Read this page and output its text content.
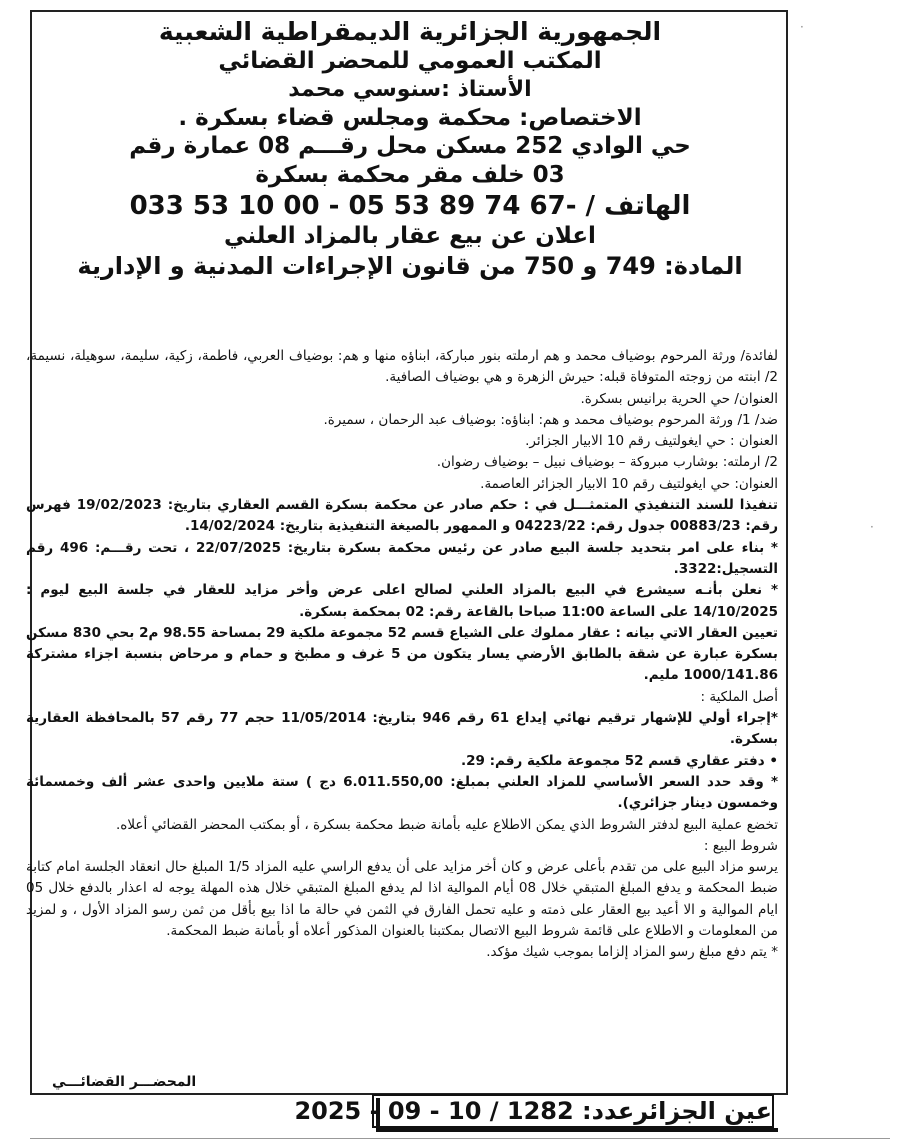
الجمهورية الجزائرية الديمقراطية الشعبية
المكتب العمومي للمحضر القضائي
الأستاذ :سنوسي محمد
الاختصاص: محكمة ومجلس قضاء بسكرة .
حي الوادي 252 مسكن محل رقـــم 08 عمارة رقم
03 خلف مقر محكمة بسكرة
الهاتف / -67 74 89 53 05 - 00 10 53 033
اعلان عن بيع عقار بالمزاد العلني
المادة: 749 و 750 من قانون الإجراءات المدنية و الإدارية

لفائدة/ ورثة المرحوم بوضياف محمد و هم ارملته بنور مباركة، ابناؤه منها و هم: بوضياف العربي، فاطمة، زكية، سليمة، سوهيلة، نسيمة، 2/ ابنته من زوجته المتوفاة قبله: حيرش الزهرة و هي بوضياف الصافية.

العنوان/ حي الحرية برانيس بسكرة.

ضد/ 1/ ورثة المرحوم بوضياف محمد و هم: ابناؤه: بوضياف عبد الرحمان ، سميرة.

العنوان : حي ايغولتيف رقم 10 الابيار الجزائر.

2/ ارملته: بوشارب مبروكة – بوضياف نبيل – بوضياف رضوان.

العنوان: حي ايغولتيف رقم 10 الابيار الجزائر العاصمة.

تنفيذا للسند التنفيذي المتمثـــل في : حكم صادر عن محكمة بسكرة القسم العقاري بتاريخ: 19/02/2023 فهرس رقم: 00883/23 جدول رقم: 04223/22 و الممهور بالصيغة التنفيذية بتاريخ: 14/02/2024.

* بناء على امر بتحديد جلسة البيع صادر عن رئيس محكمة بسكرة بتاريخ: 22/07/2025 ، تحت رقـــم: 496 رقم التسجيل:3322.

* نعلن بأنـه سيشرع في البيع بالمزاد العلني لصالح اعلى عرض وأخر مزايد للعقار في جلسة البيع ليوم : 14/10/2025 على الساعة 11:00 صباحا بالقاعة رقم: 02 بمحكمة بسكرة.

تعيين العقار الاتي بيانه : عقار مملوك على الشياع قسم 52 مجموعة ملكية 29 بمساحة 98.55 م2 بحي 830 مسكن بسكرة عبارة عن شقة بالطابق الأرضي يسار يتكون من 5 غرف و مطبخ و حمام و مرحاض بنسبة اجزاء مشتركة 1000/141.86 مليم.

أصل الملكية :

*إجراء أولي للإشهار ترقيم نهائي إيداع 61 رقم 946 بتاريخ: 11/05/2014 حجم 77 رقم 57 بالمحافظة العقارية بسكرة.

• دفتر عقاري قسم 52 مجموعة ملكية رقم: 29.

* وقد حدد السعر الأساسي للمزاد العلني بمبلغ: 6.011.550,00 دج ) ستة ملايين واحدى عشر ألف وخمسمائة وخمسون دينار جزائري).

تخضع عملية البيع لدفتر الشروط الذي يمكن الاطلاع عليه بأمانة ضبط محكمة بسكرة ، أو بمكتب المحضر القضائي أعلاه.

شروط البيع :

يرسو مزاد البيع على من تقدم بأعلى عرض و كان أخر مزايد على أن يدفع الراسي عليه المزاد 1/5 المبلغ حال انعقاد الجلسة امام كتابة ضبط المحكمة و يدفع المبلغ المتبقي خلال 08 أيام الموالية اذا لم يدفع المبلغ المتبقي خلال هذه المهلة يوجه له اعذار بالدفع خلال 05 ايام الموالية و الا أعيد بيع العقار على ذمته و عليه تحمل الفارق في الثمن في حالة ما اذا بيع بأقل من ثمن رسو المزاد الأول ، و لمزيد من المعلومات و الاطلاع على قائمة شروط البيع الاتصال بمكتبنا بالعنوان المذكور أعلاه أو بأمانة ضبط المحكمة.

* يتم دفع مبلغ رسو المزاد إلزاما بموجب شيك مؤكد.

المحضـــر القضائـــي
عين الجزائرعدد: 1282 / 10 - 09 - 2025
·
·
